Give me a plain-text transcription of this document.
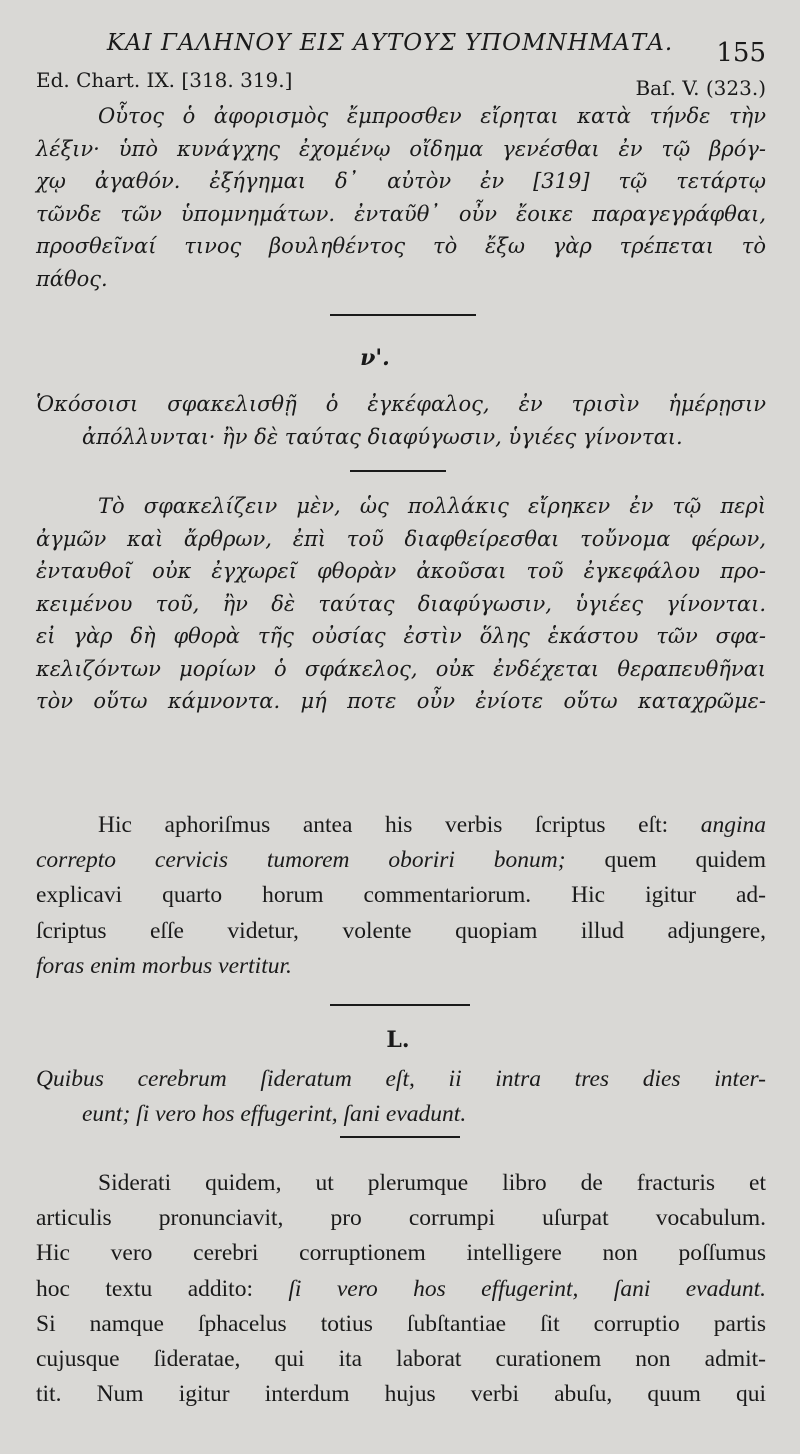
ΚΑΙ ΓΑΛΗΝΟΥ ΕΙΣ ΑΥΤΟΥΣ ΥΠΟΜΝΗΜΑΤΑ.	155
Ed. Chart. IX. [318. 319.]	Baſ. V. (323.)
Οὗτος ὁ ἀφορισμὸς ἔμπροσθεν εἴρηται κατὰ τήνδε τὴν
λέξιν· ὑπὸ κυνάγχης ἐχομένῳ οἴδημα γενέσθαι ἐν τῷ βρόγ-
χῳ ἀγαθόν. ἐξήγημαι δ᾽ αὐτὸν ἐν [319] τῷ τετάρτῳ
τῶνδε τῶν ὑπομνημάτων. ἐνταῦθ᾽ οὖν ἔοικε παραγεγράφθαι,
προσθεῖναί τινος βουληθέντος τὸ ἔξω γὰρ τρέπεται τὸ
πάθος.
ν'.
Ὁκόσοισι σφακελισθῇ ὁ ἐγκέφαλος, ἐν τρισὶν ἡμέρῃσιν
ἀπόλλυνται· ἢν δὲ ταύτας διαφύγωσιν, ὑγιέες γίνονται.
Τὸ σφακελίζειν μὲν, ὡς πολλάκις εἴρηκεν ἐν τῷ περὶ
ἀγμῶν καὶ ἄρθρων, ἐπὶ τοῦ διαφθείρεσθαι τοὔνομα φέρων,
ἐνταυθοῖ οὐκ ἐγχωρεῖ φθορὰν ἀκοῦσαι τοῦ ἐγκεφάλου προ-
κειμένου τοῦ, ἢν δὲ ταύτας διαφύγωσιν, ὑγιέες γίνονται.
εἰ γὰρ δὴ φθορὰ τῆς οὐσίας ἐστὶν ὅλης ἑκάστου τῶν σφα-
κελιζόντων μορίων ὁ σφάκελος, οὐκ ἐνδέχεται θεραπευθῆναι
τὸν οὕτω κάμνοντα. μή ποτε οὖν ἐνίοτε οὕτω καταχρῶμε-
Hic aphoriſmus antea his verbis ſcriptus eſt: angina
correpto cervicis tumorem oboriri bonum; quem quidem
explicavi quarto horum commentariorum. Hic igitur ad-
ſcriptus eſſe videtur, volente quopiam illud adjungere,
foras enim morbus vertitur.
L.
Quibus cerebrum ſideratum eſt, ii intra tres dies inter-
eunt; ſi vero hos effugerint, ſani evadunt.
Siderati quidem, ut plerumque libro de fracturis et
articulis pronunciavit, pro corrumpi uſurpat vocabulum.
Hic vero cerebri corruptionem intelligere non poſſumus
hoc textu addito: ſi vero hos effugerint, ſani evadunt.
Si namque ſphacelus totius ſubſtantiae ſit corruptio partis
cujusque ſideratae, qui ita laborat curationem non admit-
tit. Num igitur interdum hujus verbi abuſu, quum qui
